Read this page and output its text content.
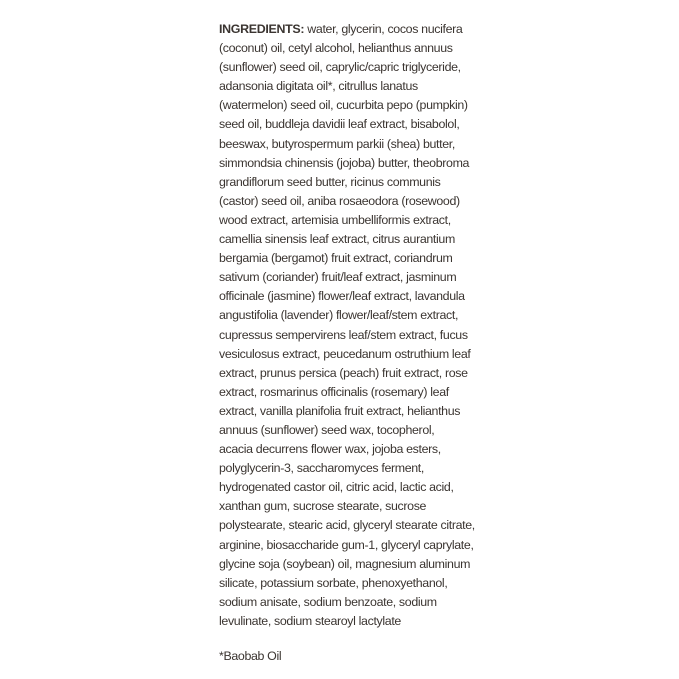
INGREDIENTS: water, glycerin, cocos nucifera
(coconut) oil, cetyl alcohol, helianthus annuus
(sunflower) seed oil, caprylic/capric triglyceride,
adansonia digitata oil*, citrullus lanatus
(watermelon) seed oil, cucurbita pepo (pumpkin)
seed oil, buddleja davidii leaf extract, bisabolol,
beeswax, butyrospermum parkii (shea) butter,
simmondsia chinensis (jojoba) butter, theobroma
grandiflorum seed butter, ricinus communis
(castor) seed oil, aniba rosaeodora (rosewood)
wood extract, artemisia umbelliformis extract,
camellia sinensis leaf extract, citrus aurantium
bergamia (bergamot) fruit extract, coriandrum
sativum (coriander) fruit/leaf extract, jasminum
officinale (jasmine) flower/leaf extract, lavandula
angustifolia (lavender) flower/leaf/stem extract,
cupressus sempervirens leaf/stem extract, fucus
vesiculosus extract, peucedanum ostruthium leaf
extract, prunus persica (peach) fruit extract, rose
extract, rosmarinus officinalis (rosemary) leaf
extract, vanilla planifolia fruit extract, helianthus
annuus (sunflower) seed wax, tocopherol,
acacia decurrens flower wax, jojoba esters,
polyglycerin-3, saccharomyces ferment,
hydrogenated castor oil, citric acid, lactic acid,
xanthan gum, sucrose stearate, sucrose
polystearate, stearic acid, glyceryl stearate citrate,
arginine, biosaccharide gum-1, glyceryl caprylate,
glycine soja (soybean) oil, magnesium aluminum
silicate, potassium sorbate, phenoxyethanol,
sodium anisate, sodium benzoate, sodium
levulinate, sodium stearoyl lactylate

*Baobab Oil
